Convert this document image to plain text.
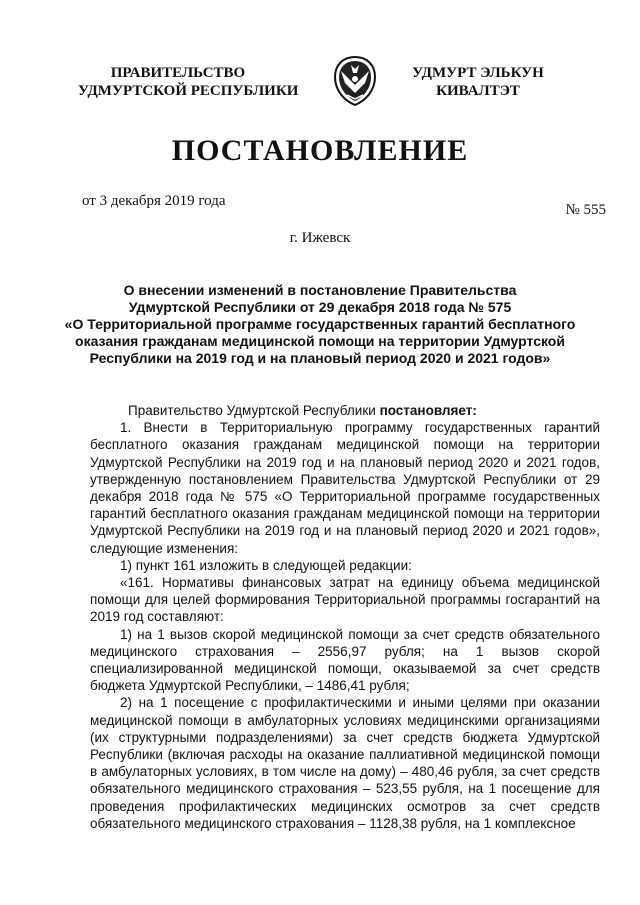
ПРАВИТЕЛЬСТВО
УДМУРТСКОЙ РЕСПУБЛИКИ
УДМУРТ ЭЛЬКУН
КИВАЛТЭТ
ПОСТАНОВЛЕНИЕ
от 3 декабря 2019 года
№ 555
г. Ижевск
О внесении изменений в постановление Правительства
Удмуртской Республики от 29 декабря 2018 года № 575
«О Территориальной программе государственных гарантий бесплатного
оказания гражданам медицинской помощи на территории Удмуртской
Республики на 2019 год и на плановый период 2020 и 2021 годов»

Правительство Удмуртской Республики постановляет:

1. Внести в Территориальную программу государственных гарантий бесплатного оказания гражданам медицинской помощи на территории Удмуртской Республики на 2019 год и на плановый период 2020 и 2021 годов, утвержденную постановлением Правительства Удмуртской Республики от 29 декабря 2018 года № 575 «О Территориальной программе государственных гарантий бесплатного оказания гражданам медицинской помощи на территории Удмуртской Республики на 2019 год и на плановый период 2020 и 2021 годов», следующие изменения:

1) пункт 161 изложить в следующей редакции:

«161. Нормативы финансовых затрат на единицу объема медицинской помощи для целей формирования Территориальной программы госгарантий на 2019 год составляют:

1) на 1 вызов скорой медицинской помощи за счет средств обязательного медицинского страхования – 2556,97 рубля; на 1 вызов скорой специализированной медицинской помощи, оказываемой за счет средств бюджета Удмуртской Республики, – 1486,41 рубля;

2) на 1 посещение с профилактическими и иными целями при оказании медицинской помощи в амбулаторных условиях медицинскими организациями (их структурными подразделениями) за счет средств бюджета Удмуртской Республики (включая расходы на оказание паллиативной медицинской помощи в амбулаторных условиях, в том числе на дому) – 480,46 рубля, за счет средств обязательного медицинского страхования – 523,55 рубля, на 1 посещение для проведения профилактических медицинских осмотров за счет средств обязательного медицинского страхования – 1128,38 рубля, на 1 комплексное
